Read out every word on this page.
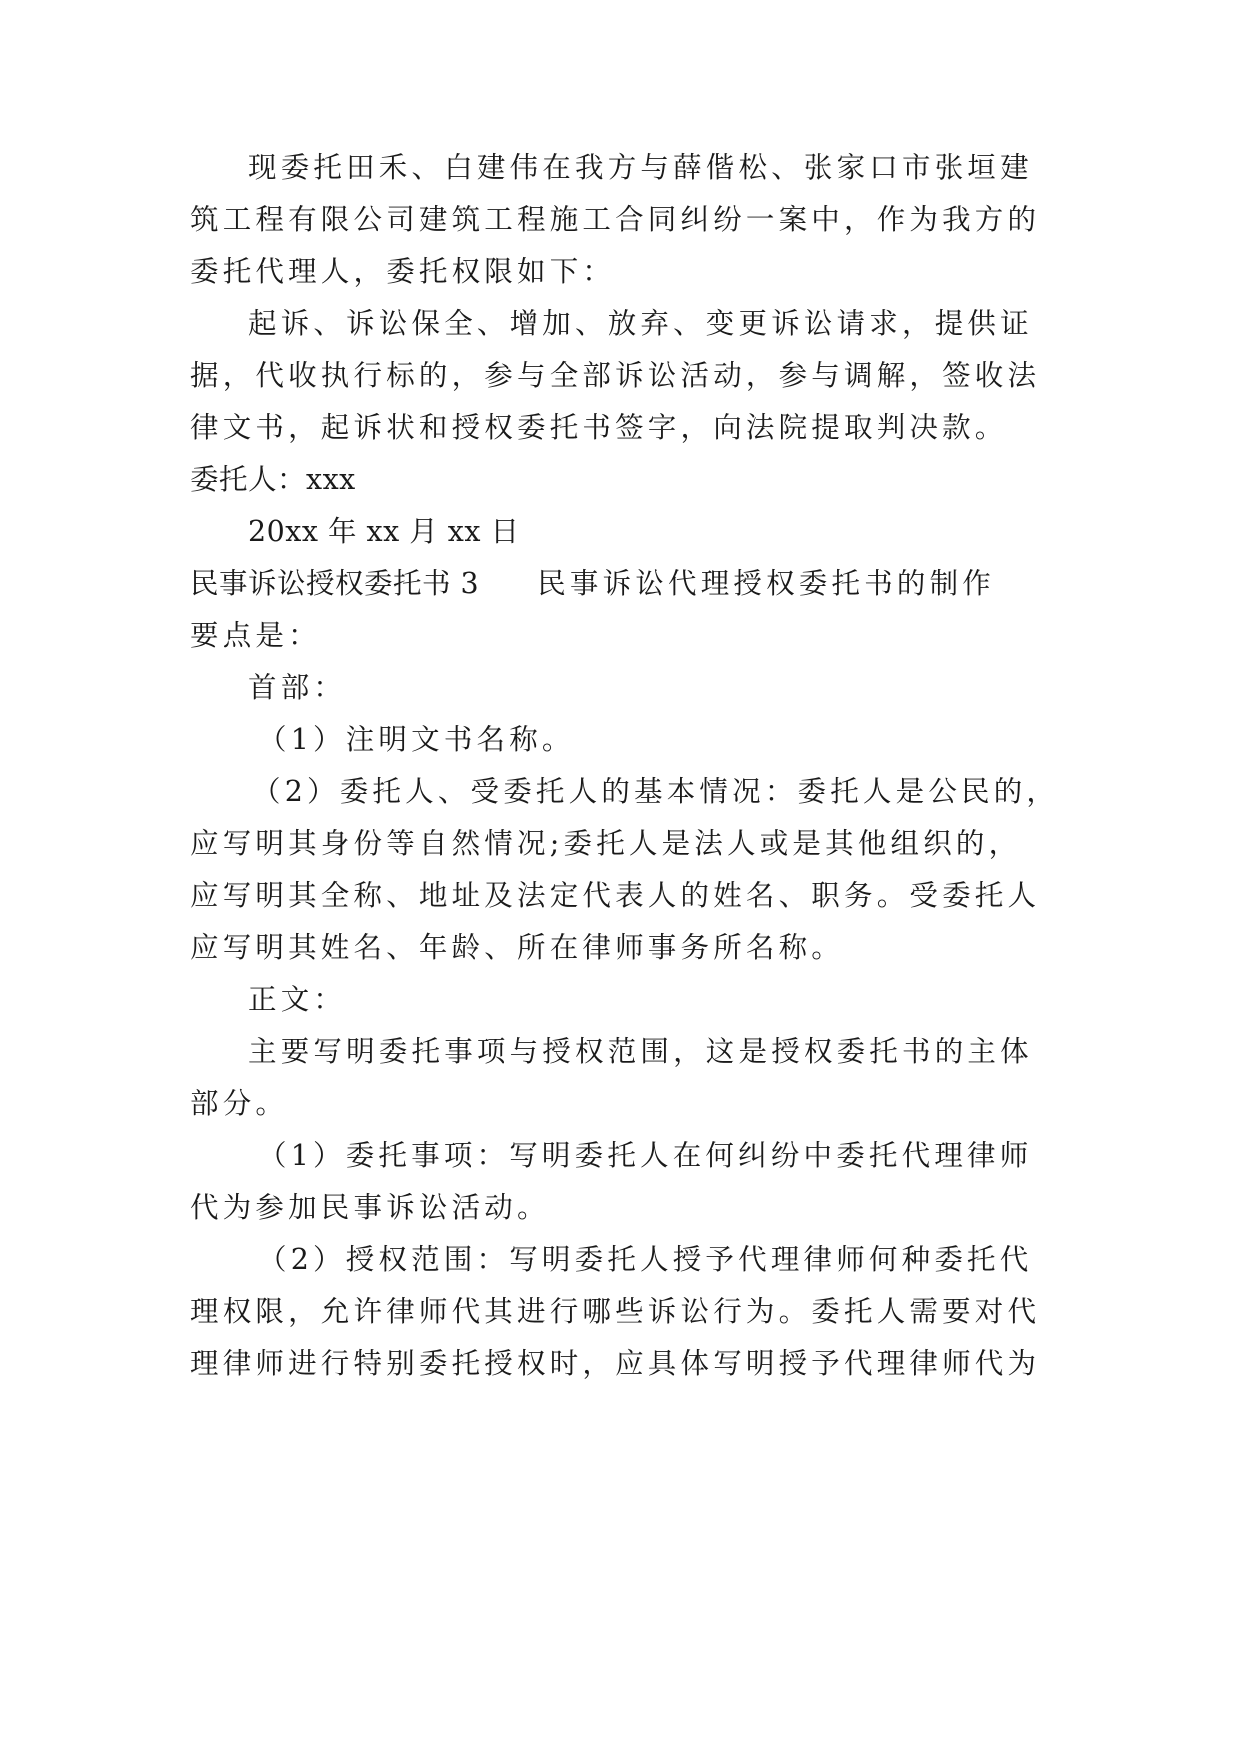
现委托田禾、白建伟在我方与薛偕松、张家口市张垣建
筑工程有限公司建筑工程施工合同纠纷一案中，作为我方的
委托代理人，委托权限如下：
起诉、诉讼保全、增加、放弃、变更诉讼请求，提供证
据，代收执行标的，参与全部诉讼活动，参与调解，签收法
律文书，起诉状和授权委托书签字，向法院提取判决款。
委托人：xxx
20xx 年 xx 月 xx 日
民事诉讼授权委托书 3 民事诉讼代理授权委托书的制作
要点是：
首部：
（1）注明文书名称。
（2）委托人、受委托人的基本情况：委托人是公民的，
应写明其身份等自然情况;委托人是法人或是其他组织的，
应写明其全称、地址及法定代表人的姓名、职务。受委托人
应写明其姓名、年龄、所在律师事务所名称。
正文：
主要写明委托事项与授权范围，这是授权委托书的主体
部分。
（1）委托事项：写明委托人在何纠纷中委托代理律师
代为参加民事诉讼活动。
（2）授权范围：写明委托人授予代理律师何种委托代
理权限，允许律师代其进行哪些诉讼行为。委托人需要对代
理律师进行特别委托授权时，应具体写明授予代理律师代为
